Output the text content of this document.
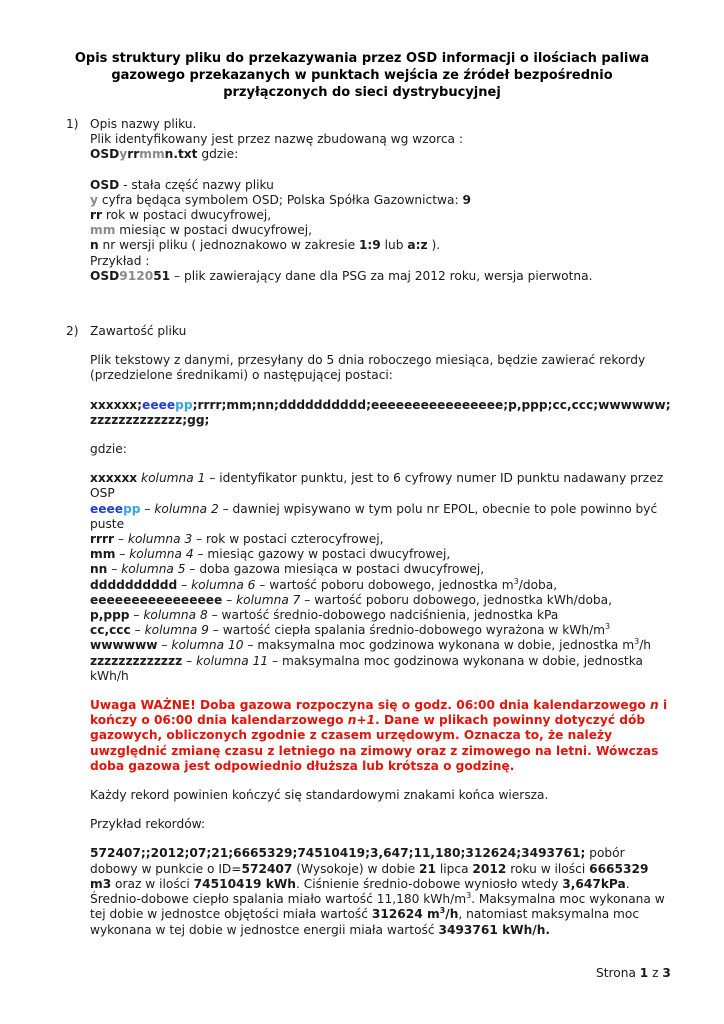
Opis struktury pliku do przekazywania przez OSD informacji o ilościach paliwa gazowego przekazanych w punktach wejścia ze źródeł bezpośrednio przyłączonych do sieci dystrybucyjnej
1) Opis nazwy pliku.
Plik identyfikowany jest przez nazwę zbudowaną wg wzorca :
OSDyrrmmn.txt gdzie:
OSD - stała część nazwy pliku
y cyfra będąca symbolem OSD; Polska Spółka Gazownictwa: 9
rr rok w postaci dwucyfrowej,
mm miesiąc w postaci dwucyfrowej,
n nr wersji pliku ( jednoznakowo w zakresie 1:9 lub a:z ).
Przykład :
OSD912051 – plik zawierający dane dla PSG za maj 2012 roku, wersja pierwotna.
2) Zawartość pliku
Plik tekstowy z danymi, przesyłany do 5 dnia roboczego miesiąca, będzie zawierać rekordy (przedzielone średnikami) o następującej postaci:
xxxxxx;eeeepp;rrrr;mm;nn;dddddddddd;eeeeeeeeeeeeeeee;p,ppp;cc,ccc;wwwwww;
zzzzzzzzzzzzz;gg;
gdzie:
xxxxxx kolumna 1 – identyfikator punktu, jest to 6 cyfrowy numer ID punktu nadawany przez OSP
eeeepp – kolumna 2 – dawniej wpisywano w tym polu nr EPOL, obecnie to pole powinno być puste
rrrr – kolumna 3 – rok w postaci czterocyfrowej,
mm – kolumna 4 – miesiąc gazowy w postaci dwucyfrowej,
nn – kolumna 5 – doba gazowa miesiąca w postaci dwucyfrowej,
dddddddddd – kolumna 6 – wartość poboru dobowego, jednostka $m^3$/doba,
eeeeeeeeeeeeeeee – kolumna 7 – wartość poboru dobowego, jednostka kWh/doba,
p,ppp – kolumna 8 – wartość średnio-dobowego nadciśnienia, jednostka kPa
cc,ccc – kolumna 9 – wartość ciepła spalania średnio-dobowego wyrażona w kWh/$m^3$
wwwwww – kolumna 10 – maksymalna moc godzinowa wykonana w dobie, jednostka $m^3/h$
zzzzzzzzzzzzz – kolumna 11 – maksymalna moc godzinowa wykonana w dobie, jednostka kWh/h
Uwaga WAŻNE! Doba gazowa rozpoczyna się o godz. 06:00 dnia kalendarzowego n i kończy o 06:00 dnia kalendarzowego n+1. Dane w plikach powinny dotyczyć dób gazowych, obliczonych zgodnie z czasem urzędowym. Oznacza to, że należy uwzględnić zmianę czasu z letniego na zimowy oraz z zimowego na letni. Wówczas doba gazowa jest odpowiednio dłuższa lub krótsza o godzinę.
Każdy rekord powinien kończyć się standardowymi znakami końca wiersza.
Przykład rekordów:
572407;;2012;07;21;6665329;74510419;3,647;11,180;312624;3493761; pobór dobowy w punkcie o ID=572407 (Wysokoje) w dobie 21 lipca 2012 roku w ilości 6665329 m3 oraz w ilości 74510419 kWh. Ciśnienie średnio-dobowe wyniosło wtedy 3,647kPa. Średnio-dobowe ciepło spalania miało wartość 11,180 kWh/$m^3$. Maksymalna moc wykonana w tej dobie w jednostce objętości miała wartość 312624 $m^3/h$, natomiast maksymalna moc wykonana w tej dobie w jednostce energii miała wartość 3493761 kWh/h.
Strona 1 z 3
